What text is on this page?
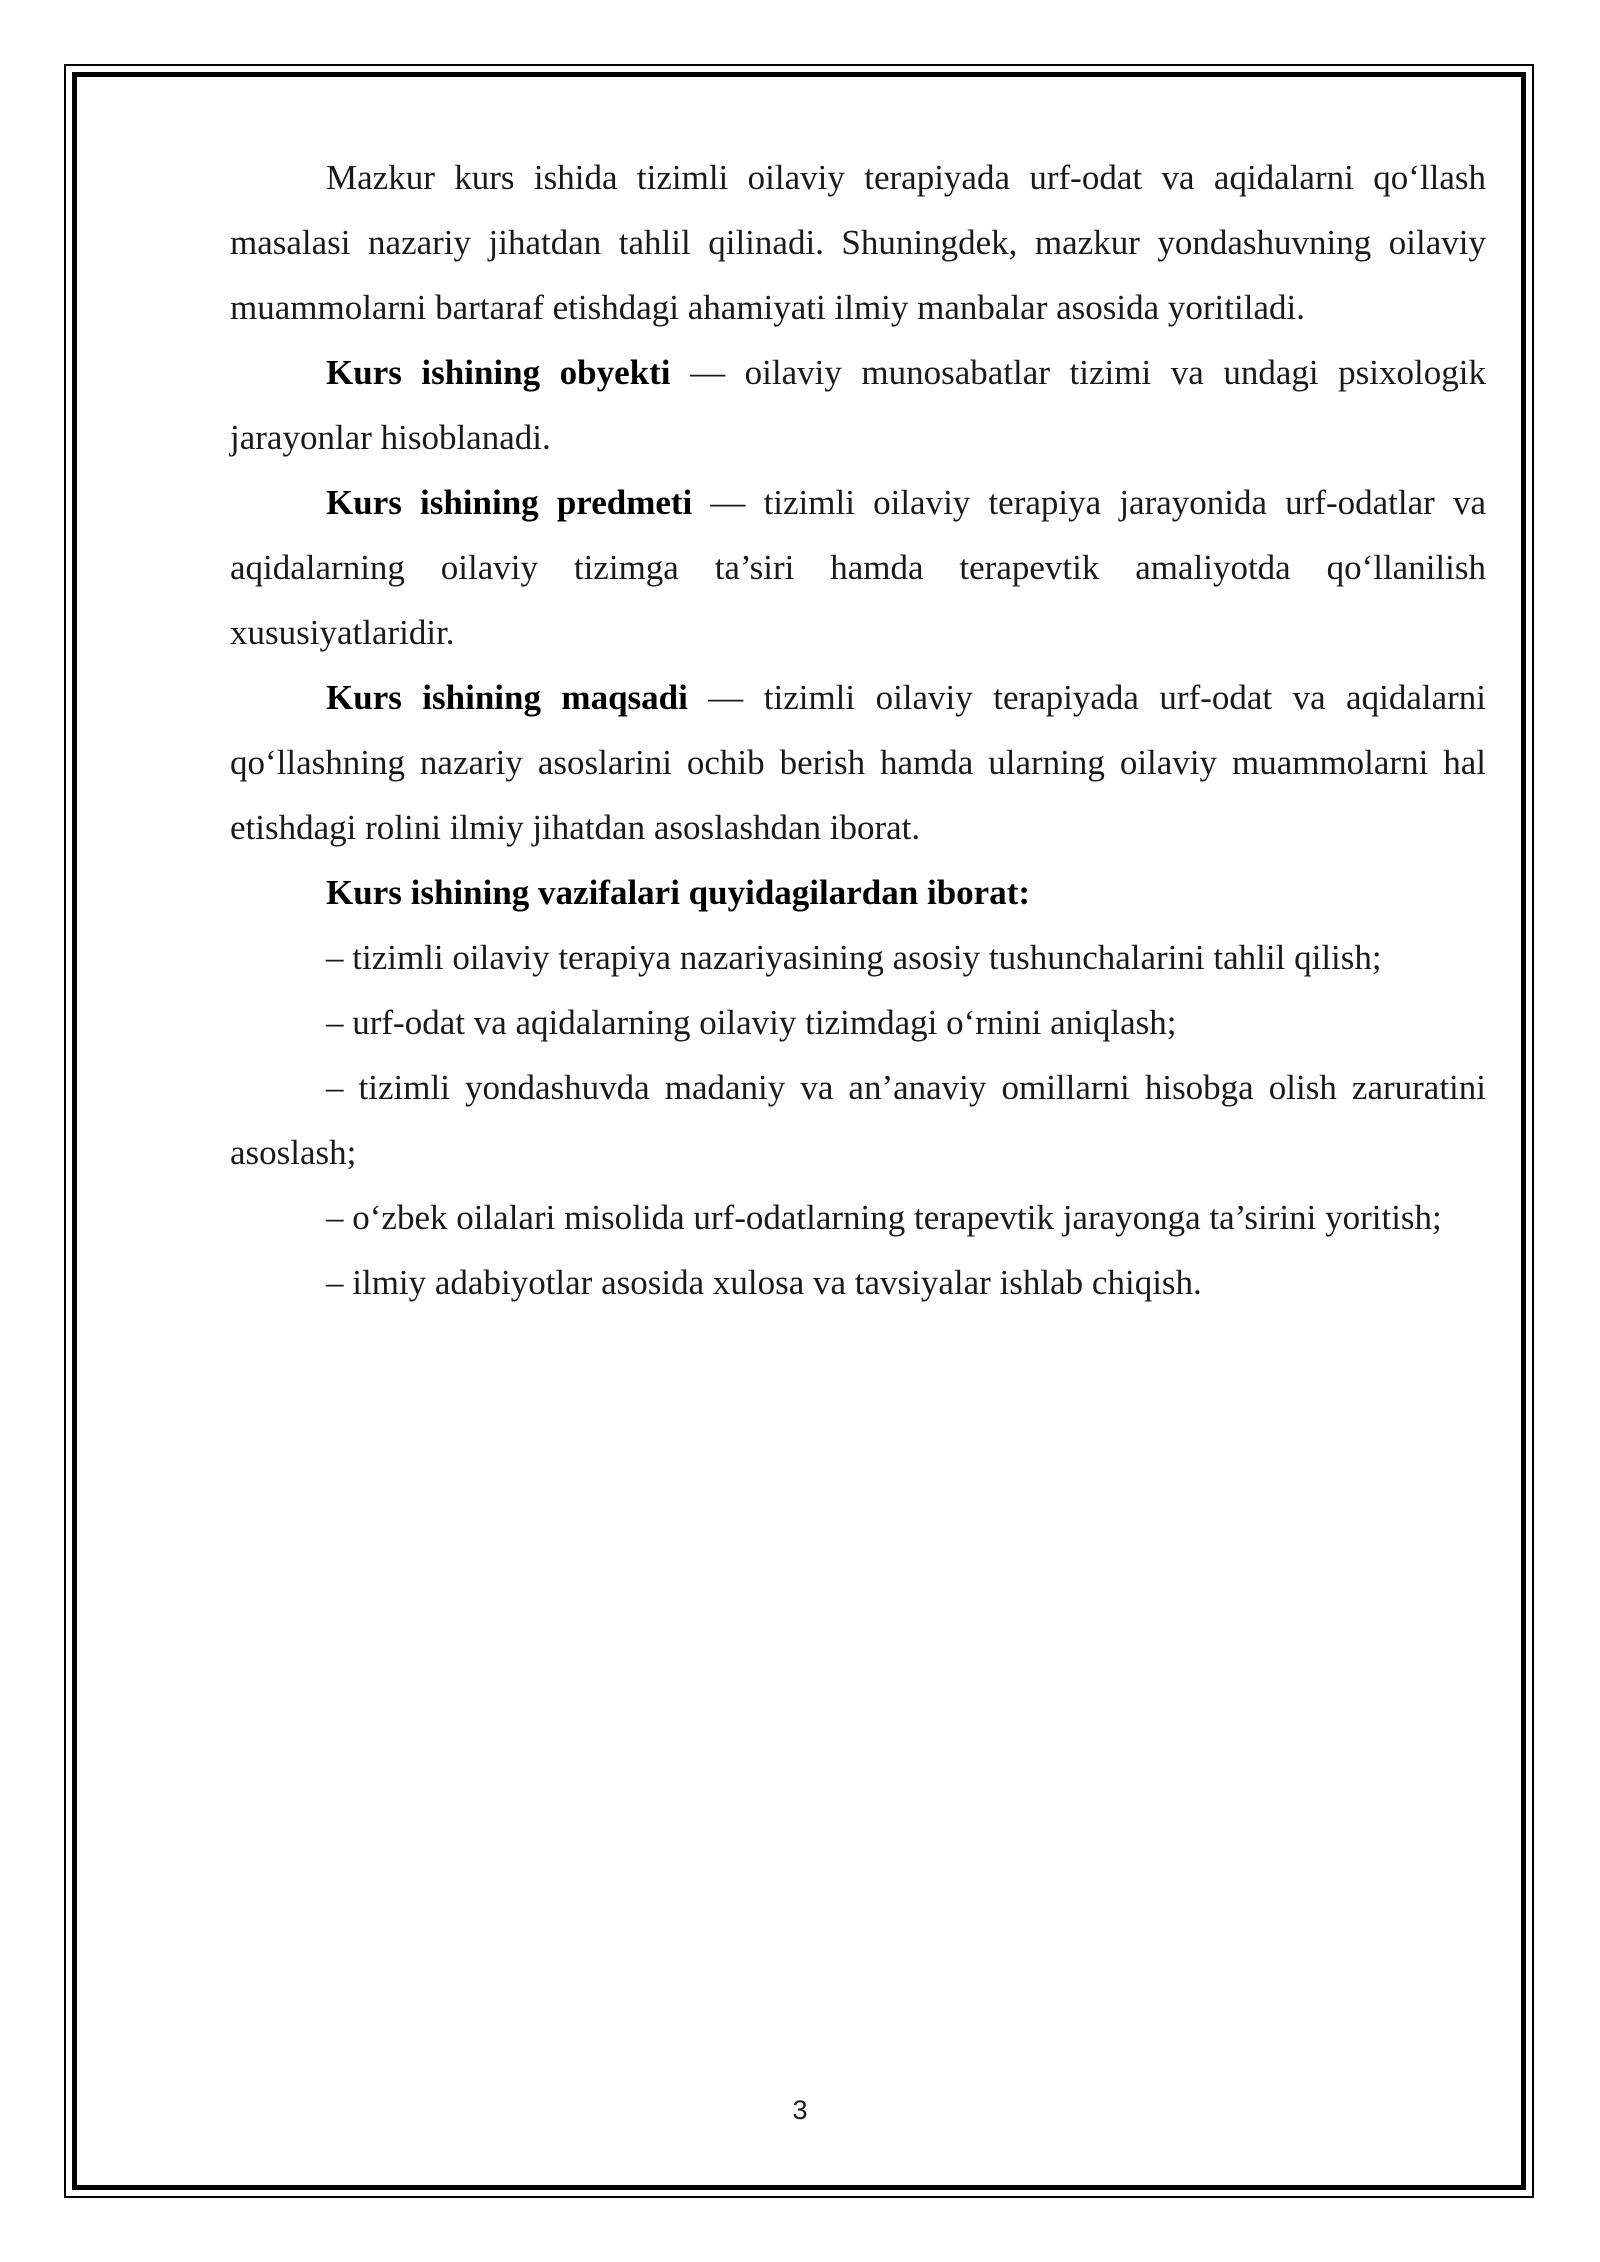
Mazkur kurs ishida tizimli oilaviy terapiyada urf-odat va aqidalarni qo‘llash masalasi nazariy jihatdan tahlil qilinadi. Shuningdek, mazkur yondashuvning oilaviy muammolarni bartaraf etishdagi ahamiyati ilmiy manbalar asosida yoritiladi.

Kurs ishining obyekti — oilaviy munosabatlar tizimi va undagi psixologik jarayonlar hisoblanadi.

Kurs ishining predmeti — tizimli oilaviy terapiya jarayonida urf-odatlar va aqidalarning oilaviy tizimga ta’siri hamda terapevtik amaliyotda qo‘llanilish xususiyatlaridir.

Kurs ishining maqsadi — tizimli oilaviy terapiyada urf-odat va aqidalarni qo‘llashning nazariy asoslarini ochib berish hamda ularning oilaviy muammolarni hal etishdagi rolini ilmiy jihatdan asoslashdan iborat.

Kurs ishining vazifalari quyidagilardan iborat:

– tizimli oilaviy terapiya nazariyasining asosiy tushunchalarini tahlil qilish;

– urf-odat va aqidalarning oilaviy tizimdagi o‘rnini aniqlash;

– tizimli yondashuvda madaniy va an’anaviy omillarni hisobga olish zaruratini asoslash;

– o‘zbek oilalari misolida urf-odatlarning terapevtik jarayonga ta’sirini yoritish;

– ilmiy adabiyotlar asosida xulosa va tavsiyalar ishlab chiqish.

3
